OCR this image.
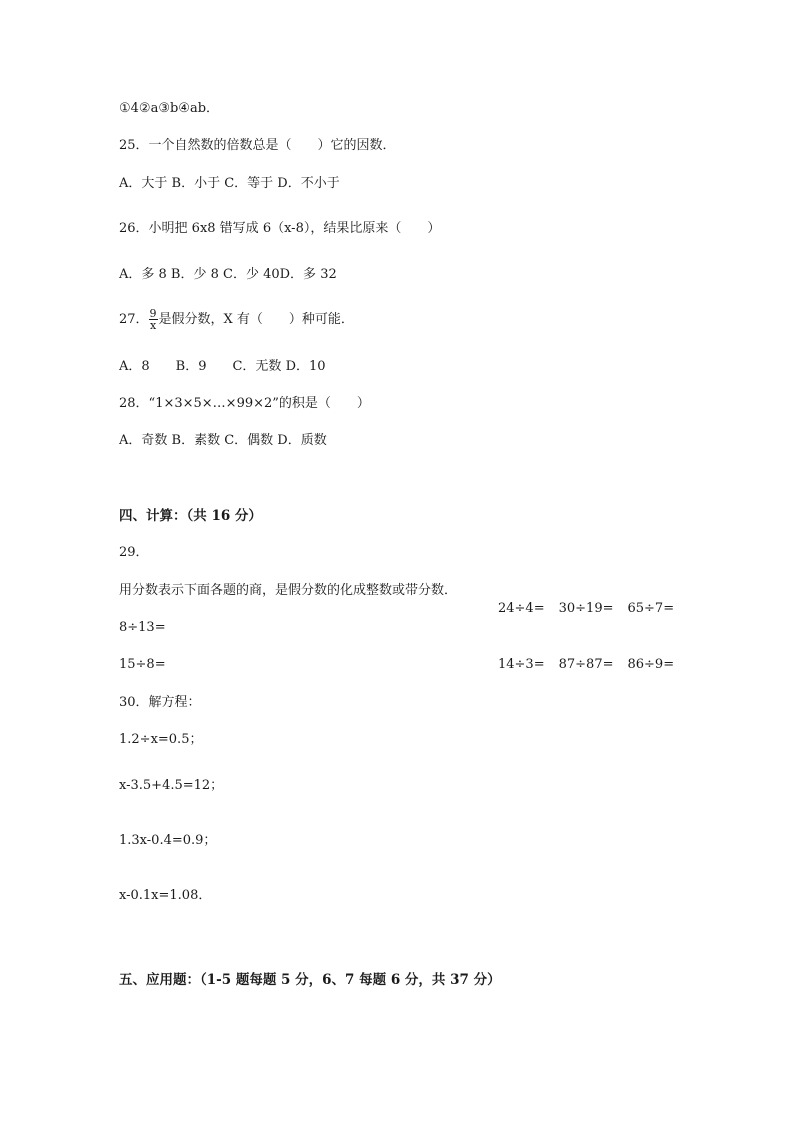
①4②a③b④ab．
25．一个自然数的倍数总是（　　）它的因数．
A．大于 B．小于 C．等于 D．不小于
26．小明把 6x8 错写成 6（x-8），结果比原来（　　）
A．多 8 B．少 8 C．少 40D．多 32
27． $\frac{9}{x}$ 是假分数，X 有（　　）种可能．
A．8　　B．9　　C．无数 D．10
28．“1×3×5×…×99×2”的积是（　　）
A．奇数 B．素数 C．偶数 D．质数
四、计算：（共 16 分）
29．
用分数表示下面各题的商，是假分数的化成整数或带分数．
24÷4= 30÷19= 65÷7=
8÷13=
15÷8=	14÷3= 87÷87= 86÷9=
30．解方程：
1.2÷x=0.5；
x-3.5+4.5=12；
1.3x-0.4=0.9；
x-0.1x=1.08．
五、应用题：（1-5 题每题 5 分，6、7 每题 6 分，共 37 分）
